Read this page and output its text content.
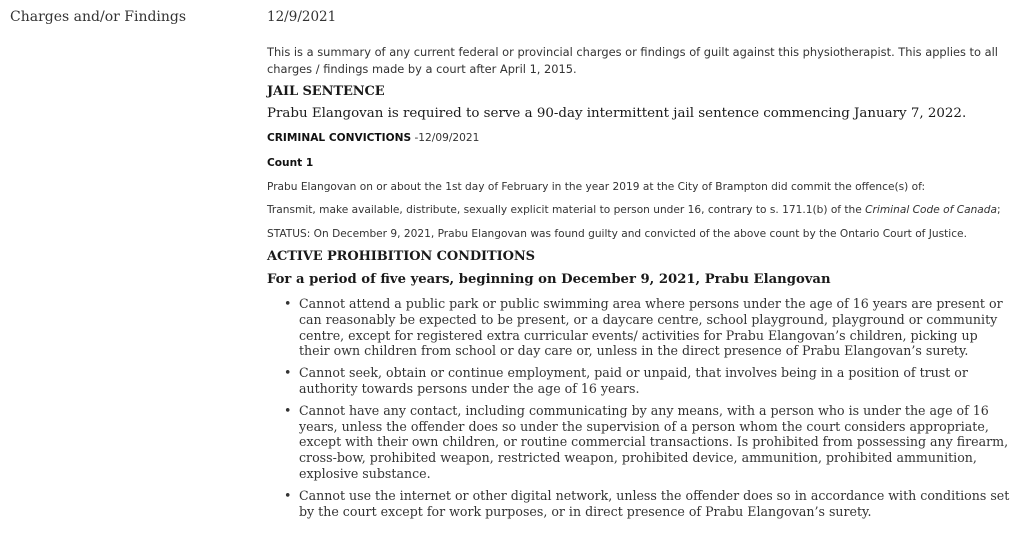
Charges and/or Findings	12/9/2021
This is a summary of any current federal or provincial charges or findings of guilt against this physiotherapist. This applies to all charges / findings made by a court after April 1, 2015.
JAIL SENTENCE
Prabu Elangovan is required to serve a 90-day intermittent jail sentence commencing January 7, 2022.
CRIMINAL CONVICTIONS -12/09/2021
Count 1
Prabu Elangovan on or about the 1st day of February in the year 2019 at the City of Brampton did commit the offence(s) of:
Transmit, make available, distribute, sexually explicit material to person under 16, contrary to s. 171.1(b) of the Criminal Code of Canada;
STATUS: On December 9, 2021, Prabu Elangovan was found guilty and convicted of the above count by the Ontario Court of Justice.
ACTIVE PROHIBITION CONDITIONS
For a period of five years, beginning on December 9, 2021, Prabu Elangovan
• Cannot attend a public park or public swimming area where persons under the age of 16 years are present or can reasonably be expected to be present, or a daycare centre, school playground, playground or community centre, except for registered extra curricular events/ activities for Prabu Elangovan’s children, picking up their own children from school or day care or, unless in the direct presence of Prabu Elangovan’s surety.
• Cannot seek, obtain or continue employment, paid or unpaid, that involves being in a position of trust or authority towards persons under the age of 16 years.
• Cannot have any contact, including communicating by any means, with a person who is under the age of 16 years, unless the offender does so under the supervision of a person whom the court considers appropriate, except with their own children, or routine commercial transactions. Is prohibited from possessing any firearm, cross-bow, prohibited weapon, restricted weapon, prohibited device, ammunition, prohibited ammunition, explosive substance.
• Cannot use the internet or other digital network, unless the offender does so in accordance with conditions set by the court except for work purposes, or in direct presence of Prabu Elangovan’s surety.
